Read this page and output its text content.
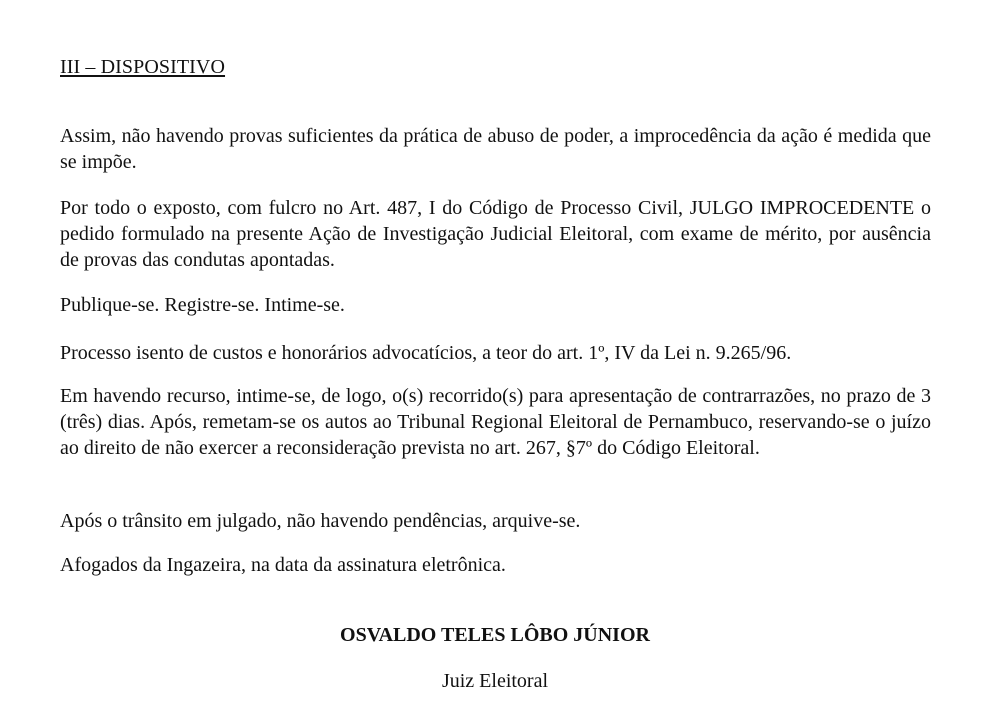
III – DISPOSITIVO

Assim, não havendo provas suficientes da prática de abuso de poder, a improcedência da ação é medida que se impõe.

Por todo o exposto, com fulcro no Art. 487, I do Código de Processo Civil, JULGO IMPROCEDENTE o pedido formulado na presente Ação de Investigação Judicial Eleitoral, com exame de mérito, por ausência de provas das condutas apontadas.

Publique-se. Registre-se. Intime-se.

Processo isento de custos e honorários advocatícios, a teor do art. 1º, IV da Lei n. 9.265/96.

Em havendo recurso, intime-se, de logo, o(s) recorrido(s) para apresentação de contrarrazões, no prazo de 3 (três) dias. Após, remetam-se os autos ao Tribunal Regional Eleitoral de Pernambuco, reservando-se o juízo ao direito de não exercer a reconsideração prevista no art. 267, §7º do Código Eleitoral.

Após o trânsito em julgado, não havendo pendências, arquive-se.

Afogados da Ingazeira, na data da assinatura eletrônica.

OSVALDO TELES LÔBO JÚNIOR
Juiz Eleitoral
